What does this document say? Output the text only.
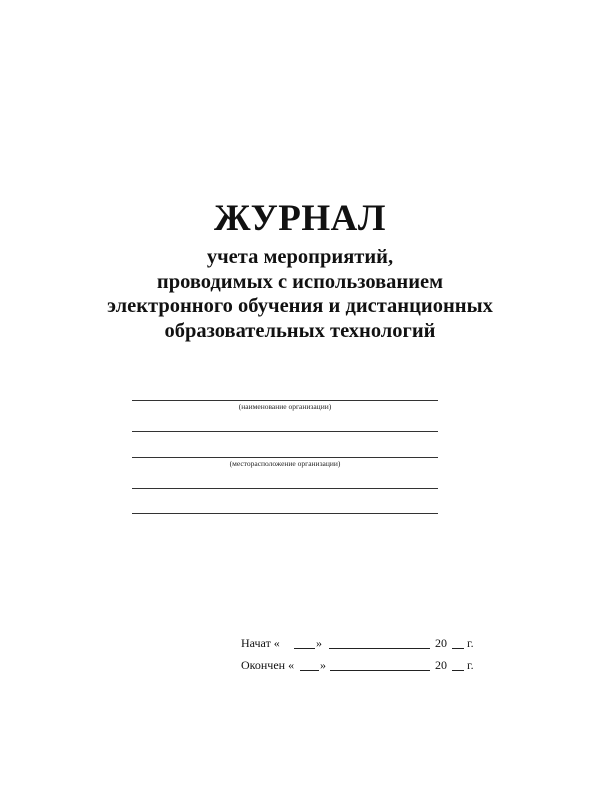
ЖУРНАЛ
учета мероприятий,
проводимых с использованием
электронного обучения и дистанционных
образовательных технологий
(наименование организации)
(месторасположение организации)
Начат «	»	20 г.
Окончен « »	20 г.
